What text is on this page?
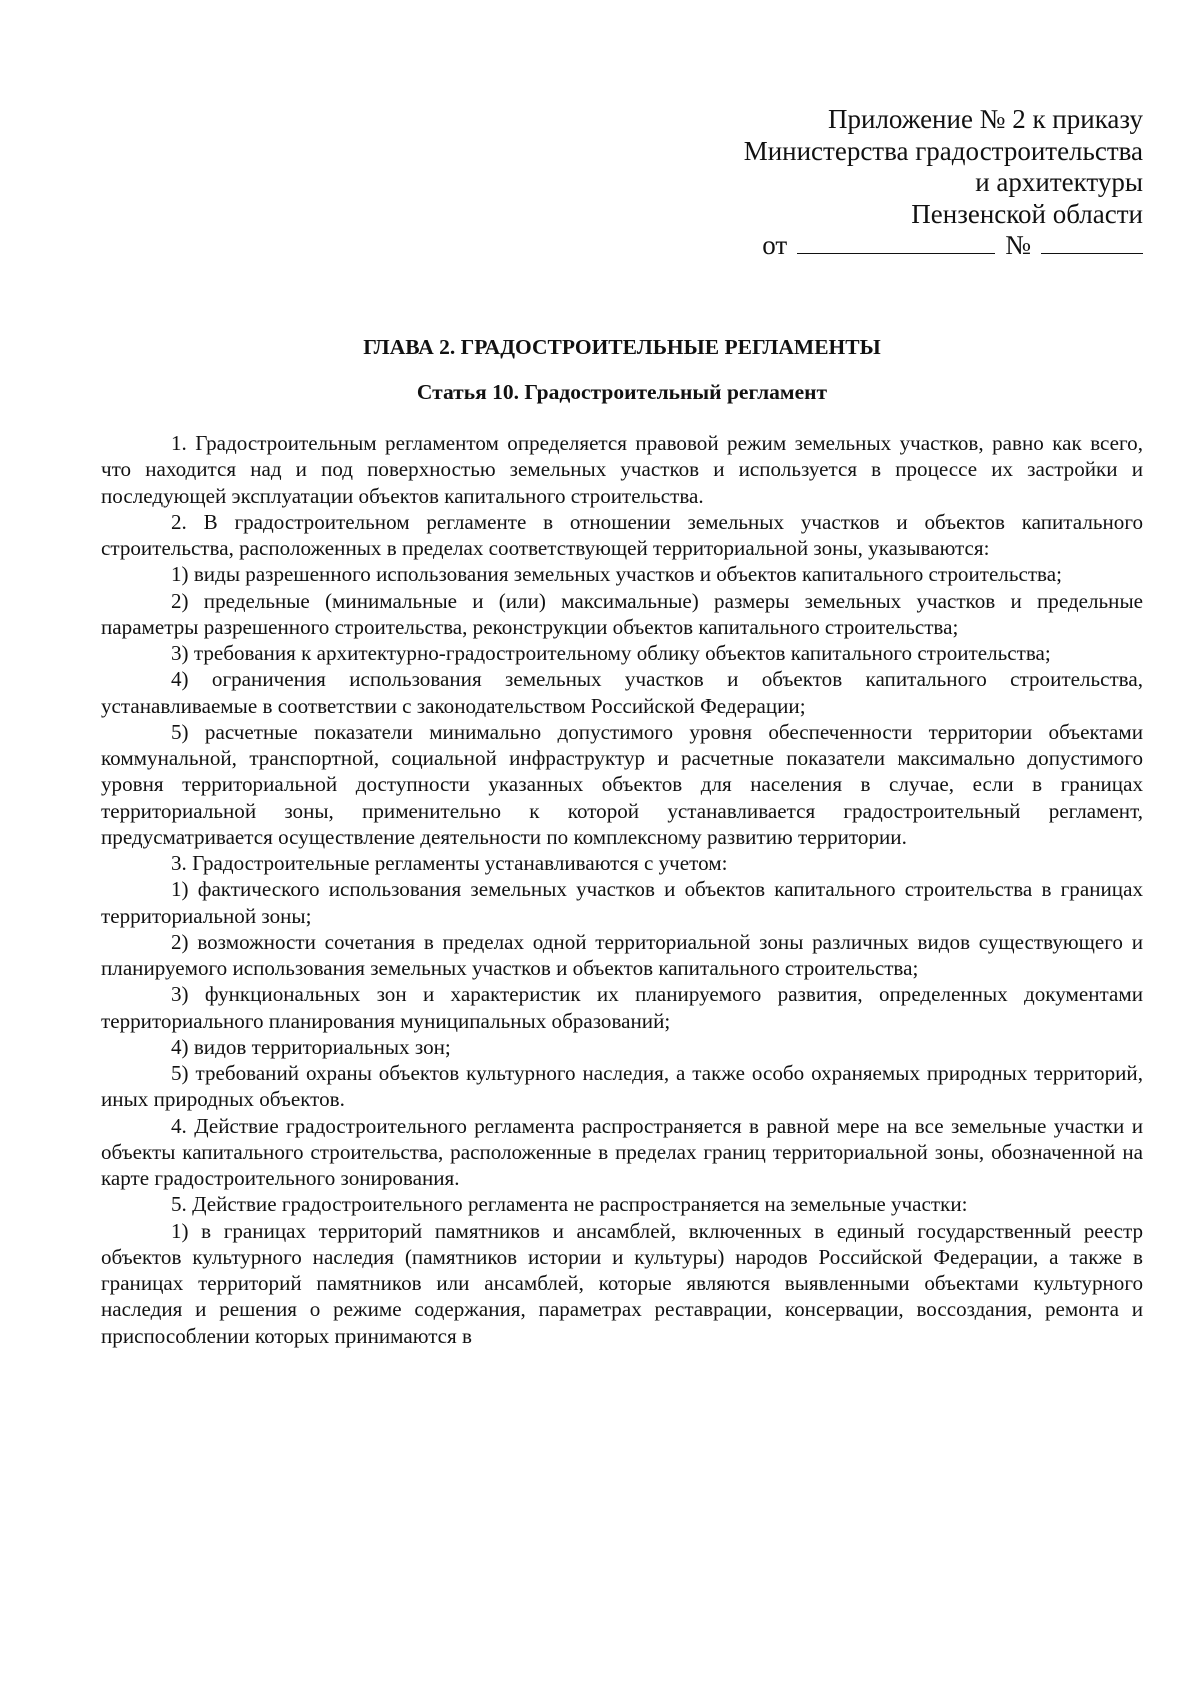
Приложение № 2 к приказу
Министерства градостроительства
и архитектуры
Пензенской области
от	№
ГЛАВА 2. ГРАДОСТРОИТЕЛЬНЫЕ РЕГЛАМЕНТЫ
Статья 10. Градостроительный регламент

1. Градостроительным регламентом определяется правовой режим земельных участков, равно как всего, что находится над и под поверхностью земельных участков и используется в процессе их застройки и последующей эксплуатации объектов капитального строительства.

2. В градостроительном регламенте в отношении земельных участков и объектов капитального строительства, расположенных в пределах соответствующей территориальной зоны, указываются:

1) виды разрешенного использования земельных участков и объектов капитального строительства;

2) предельные (минимальные и (или) максимальные) размеры земельных участков и предельные параметры разрешенного строительства, реконструкции объектов капитального строительства;

3) требования к архитектурно-градостроительному облику объектов капитального строительства;

4) ограничения использования земельных участков и объектов капитального строительства, устанавливаемые в соответствии с законодательством Российской Федерации;

5) расчетные показатели минимально допустимого уровня обеспеченности территории объектами коммунальной, транспортной, социальной инфраструктур и расчетные показатели максимально допустимого уровня территориальной доступности указанных объектов для населения в случае, если в границах территориальной зоны, применительно к которой устанавливается градостроительный регламент, предусматривается осуществление деятельности по комплексному развитию территории.

3. Градостроительные регламенты устанавливаются с учетом:

1) фактического использования земельных участков и объектов капитального строительства в границах территориальной зоны;

2) возможности сочетания в пределах одной территориальной зоны различных видов существующего и планируемого использования земельных участков и объектов капитального строительства;

3) функциональных зон и характеристик их планируемого развития, определенных документами территориального планирования муниципальных образований;

4) видов территориальных зон;

5) требований охраны объектов культурного наследия, а также особо охраняемых природных территорий, иных природных объектов.

4. Действие градостроительного регламента распространяется в равной мере на все земельные участки и объекты капитального строительства, расположенные в пределах границ территориальной зоны, обозначенной на карте градостроительного зонирования.

5. Действие градостроительного регламента не распространяется на земельные участки:

1) в границах территорий памятников и ансамблей, включенных в единый государственный реестр объектов культурного наследия (памятников истории и культуры) народов Российской Федерации, а также в границах территорий памятников или ансамблей, которые являются выявленными объектами культурного наследия и решения о режиме содержания, параметрах реставрации, консервации, воссоздания, ремонта и приспособлении которых принимаются в
